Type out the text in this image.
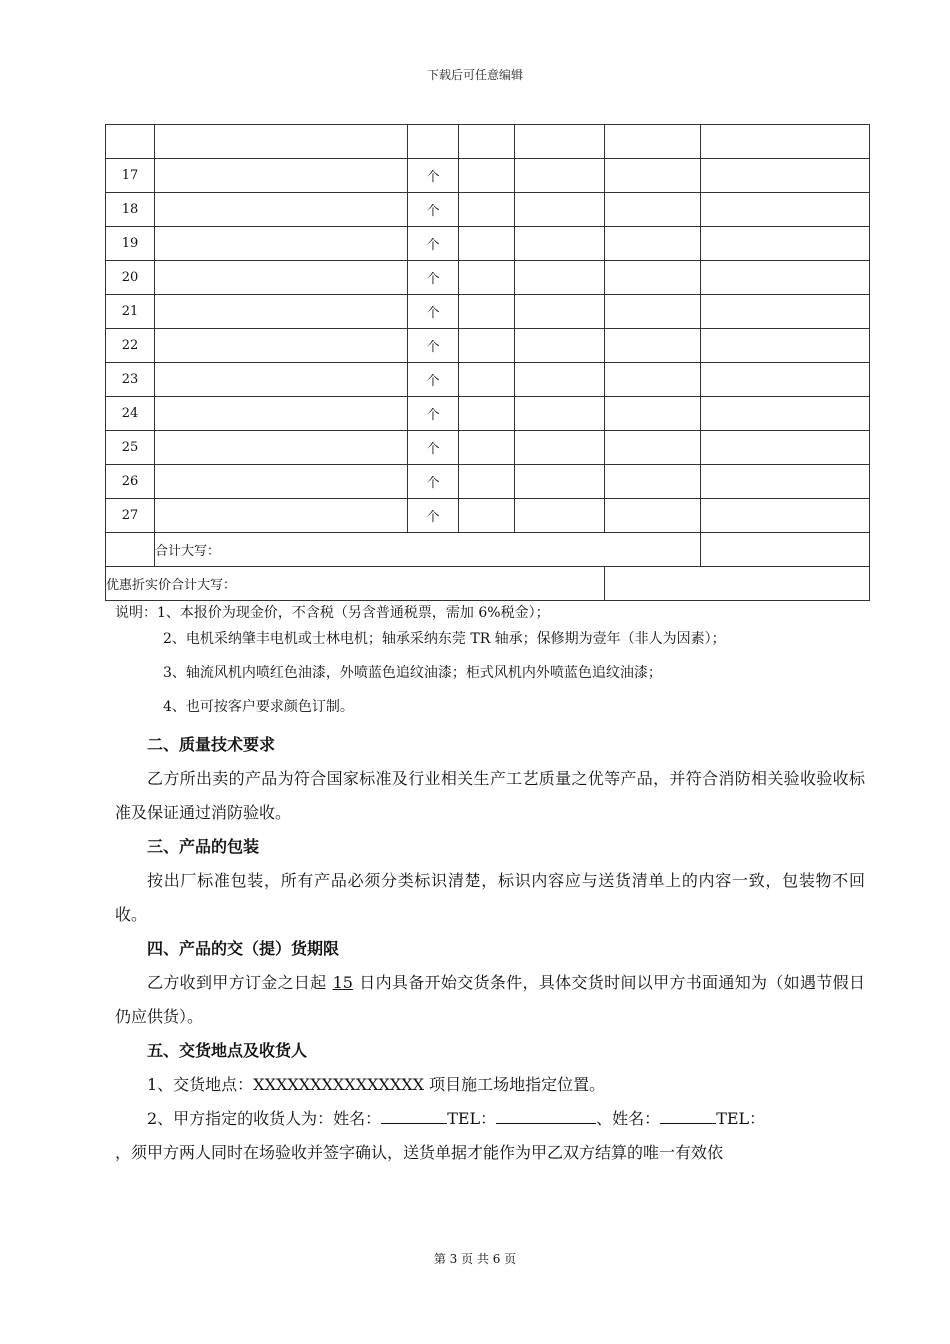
下载后可任意编辑

17		个				
18		个				
19		个				
20		个				
21		个				
22		个				
23		个				
24		个				
25		个				
26		个				
27		个				
	合计大写：					
优惠折实价合计大写：						
说明：1、本报价为现金价，不含税（另含普通税票，需加 6%税金）；
2、电机采纳肇丰电机或士林电机；轴承采纳东莞 TR 轴承；保修期为壹年（非人为因素）；
3、轴流风机内喷红色油漆，外喷蓝色追纹油漆；柜式风机内外喷蓝色追纹油漆；
4、也可按客户要求颜色订制。
二、质量技术要求
乙方所出卖的产品为符合国家标准及行业相关生产工艺质量之优等产品，并符合消防相关验收验收标准及保证通过消防验收。
三、产品的包装
按出厂标准包装，所有产品必须分类标识清楚，标识内容应与送货清单上的内容一致，包装物不回收。
四、产品的交（提）货期限
乙方收到甲方订金之日起 15 日内具备开始交货条件，具体交货时间以甲方书面通知为（如遇节假日仍应供货）。
五、交货地点及收货人
1、交货地点：XXXXXXXXXXXXXXX 项目施工场地指定位置。
2、甲方指定的收货人为：姓名：	TEL：	、姓名：	TEL：
，须甲方两人同时在场验收并签字确认，送货单据才能作为甲乙双方结算的唯一有效依
第 3 页 共 6 页
